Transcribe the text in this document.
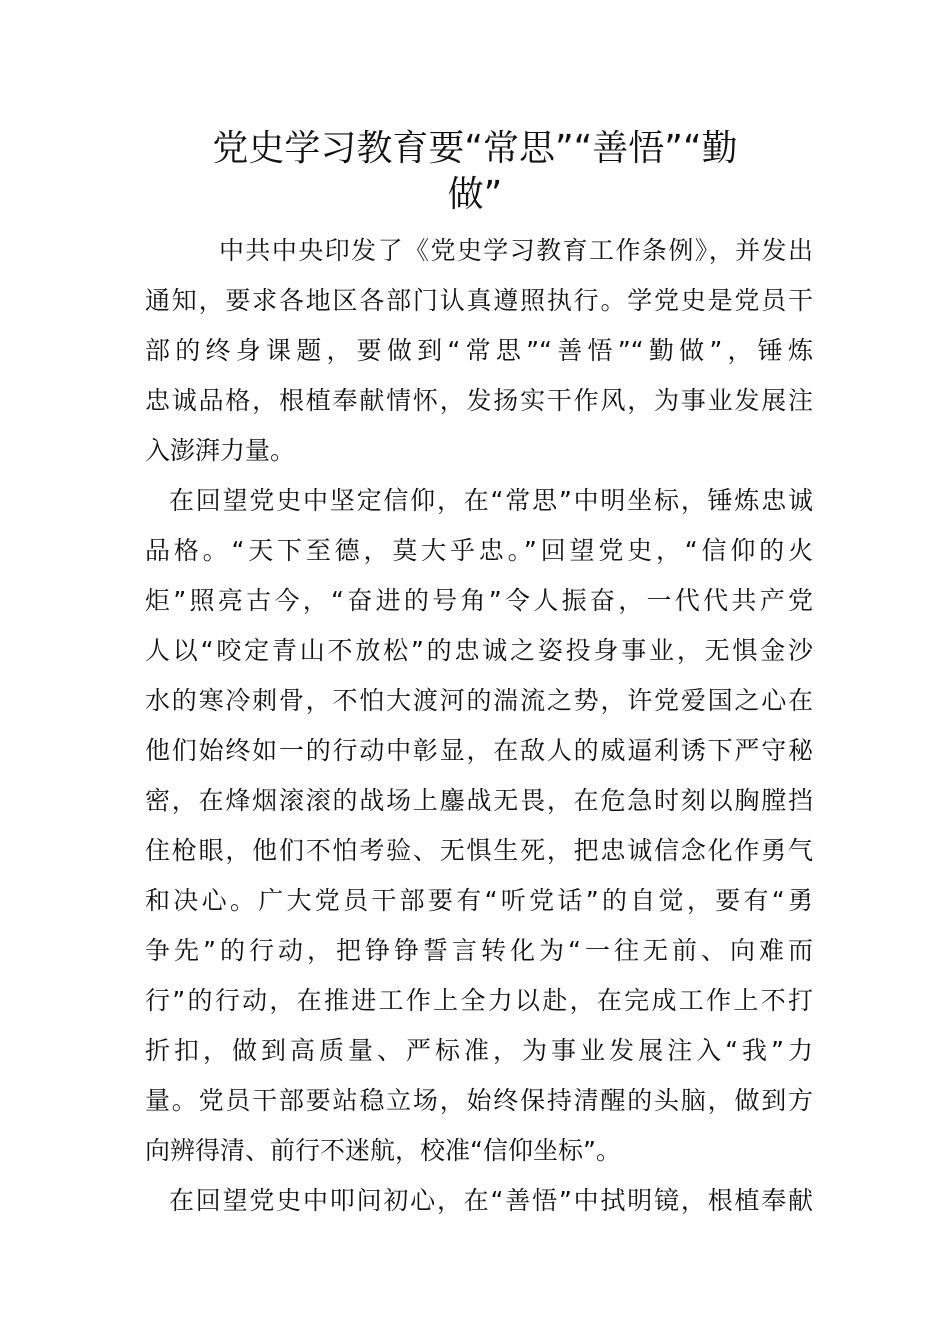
党史学习教育要“常思”“善悟”“勤
做”
中共中央印发了《党史学习教育工作条例》，并发出
通知，要求各地区各部门认真遵照执行。学党史是党员干
部的终身课题，要做到“常思”“善悟”“勤做”，锤炼
忠诚品格，根植奉献情怀，发扬实干作风，为事业发展注
入澎湃力量。
在回望党史中坚定信仰，在“常思”中明坐标，锤炼忠诚
品格。“天下至德，莫大乎忠。”回望党史，“信仰的火
炬”照亮古今，“奋进的号角”令人振奋，一代代共产党
人以“咬定青山不放松”的忠诚之姿投身事业，无惧金沙
水的寒冷刺骨，不怕大渡河的湍流之势，许党爱国之心在
他们始终如一的行动中彰显，在敌人的威逼利诱下严守秘
密，在烽烟滚滚的战场上鏖战无畏，在危急时刻以胸膛挡
住枪眼，他们不怕考验、无惧生死，把忠诚信念化作勇气
和决心。广大党员干部要有“听党话”的自觉，要有“勇
争先”的行动，把铮铮誓言转化为“一往无前、向难而
行”的行动，在推进工作上全力以赴，在完成工作上不打
折扣，做到高质量、严标准，为事业发展注入“我”力
量。党员干部要站稳立场，始终保持清醒的头脑，做到方
向辨得清、前行不迷航，校准“信仰坐标”。
在回望党史中叩问初心，在“善悟”中拭明镜，根植奉献
